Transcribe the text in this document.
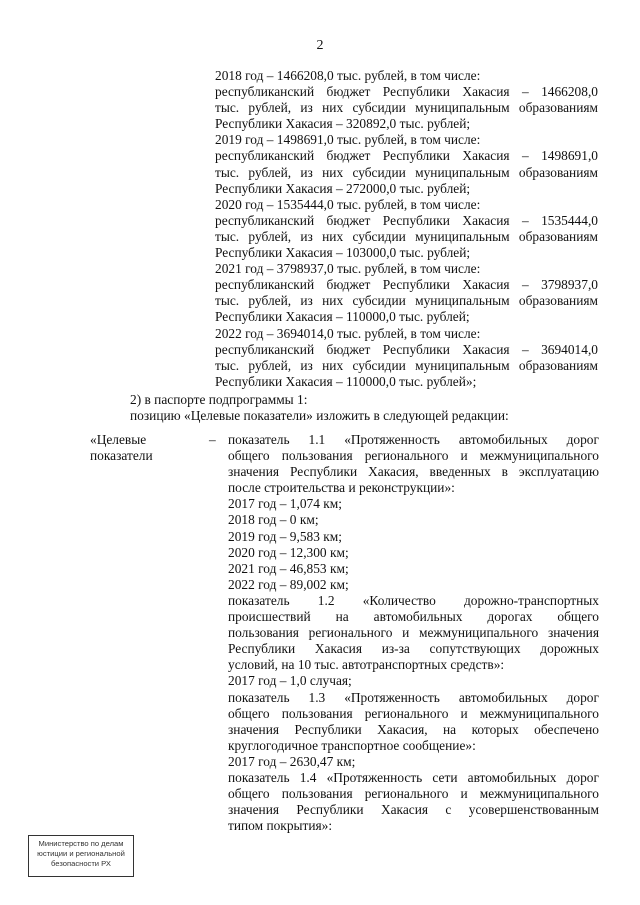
2
2018 год – 1466208,0 тыс. рублей, в том числе:
республиканский бюджет Республики Хакасия – 1466208,0
тыс. рублей, из них субсидии муниципальным образованиям
Республики Хакасия – 320892,0 тыс. рублей;
2019 год – 1498691,0 тыс. рублей, в том числе:
республиканский бюджет Республики Хакасия – 1498691,0
тыс. рублей, из них субсидии муниципальным образованиям
Республики Хакасия – 272000,0 тыс. рублей;
2020 год – 1535444,0 тыс. рублей, в том числе:
республиканский бюджет Республики Хакасия – 1535444,0
тыс. рублей, из них субсидии муниципальным образованиям
Республики Хакасия – 103000,0 тыс. рублей;
2021 год – 3798937,0 тыс. рублей, в том числе:
республиканский бюджет Республики Хакасия – 3798937,0
тыс. рублей, из них субсидии муниципальным образованиям
Республики Хакасия – 110000,0 тыс. рублей;
2022 год – 3694014,0 тыс. рублей, в том числе:
республиканский бюджет Республики Хакасия – 3694014,0
тыс. рублей, из них субсидии муниципальным образованиям
Республики Хакасия – 110000,0 тыс. рублей»;
2) в паспорте подпрограммы 1:
позицию «Целевые показатели» изложить в следующей редакции:
«Целевые
показатели
– показатель 1.1 «Протяженность автомобильных дорог
общего пользования регионального и межмуниципального
значения Республики Хакасия, введенных в эксплуатацию
после строительства и реконструкции»:
2017 год – 1,074 км;
2018 год – 0 км;
2019 год – 9,583 км;
2020 год – 12,300 км;
2021 год – 46,853 км;
2022 год – 89,002 км;
показатель 1.2 «Количество дорожно-транспортных
происшествий на автомобильных дорогах общего
пользования регионального и межмуниципального значения
Республики Хакасия из-за сопутствующих дорожных
условий, на 10 тыс. автотранспортных средств»:
2017 год – 1,0 случая;
показатель 1.3 «Протяженность автомобильных дорог
общего пользования регионального и межмуниципального
значения Республики Хакасия, на которых обеспечено
круглогодичное транспортное сообщение»:
2017 год – 2630,47 км;
показатель 1.4 «Протяженность сети автомобильных дорог
общего пользования регионального и межмуниципального
значения Республики Хакасия с усовершенствованным
типом покрытия»:
Министерство по делам
юстиции и региональной
безопасности РХ
